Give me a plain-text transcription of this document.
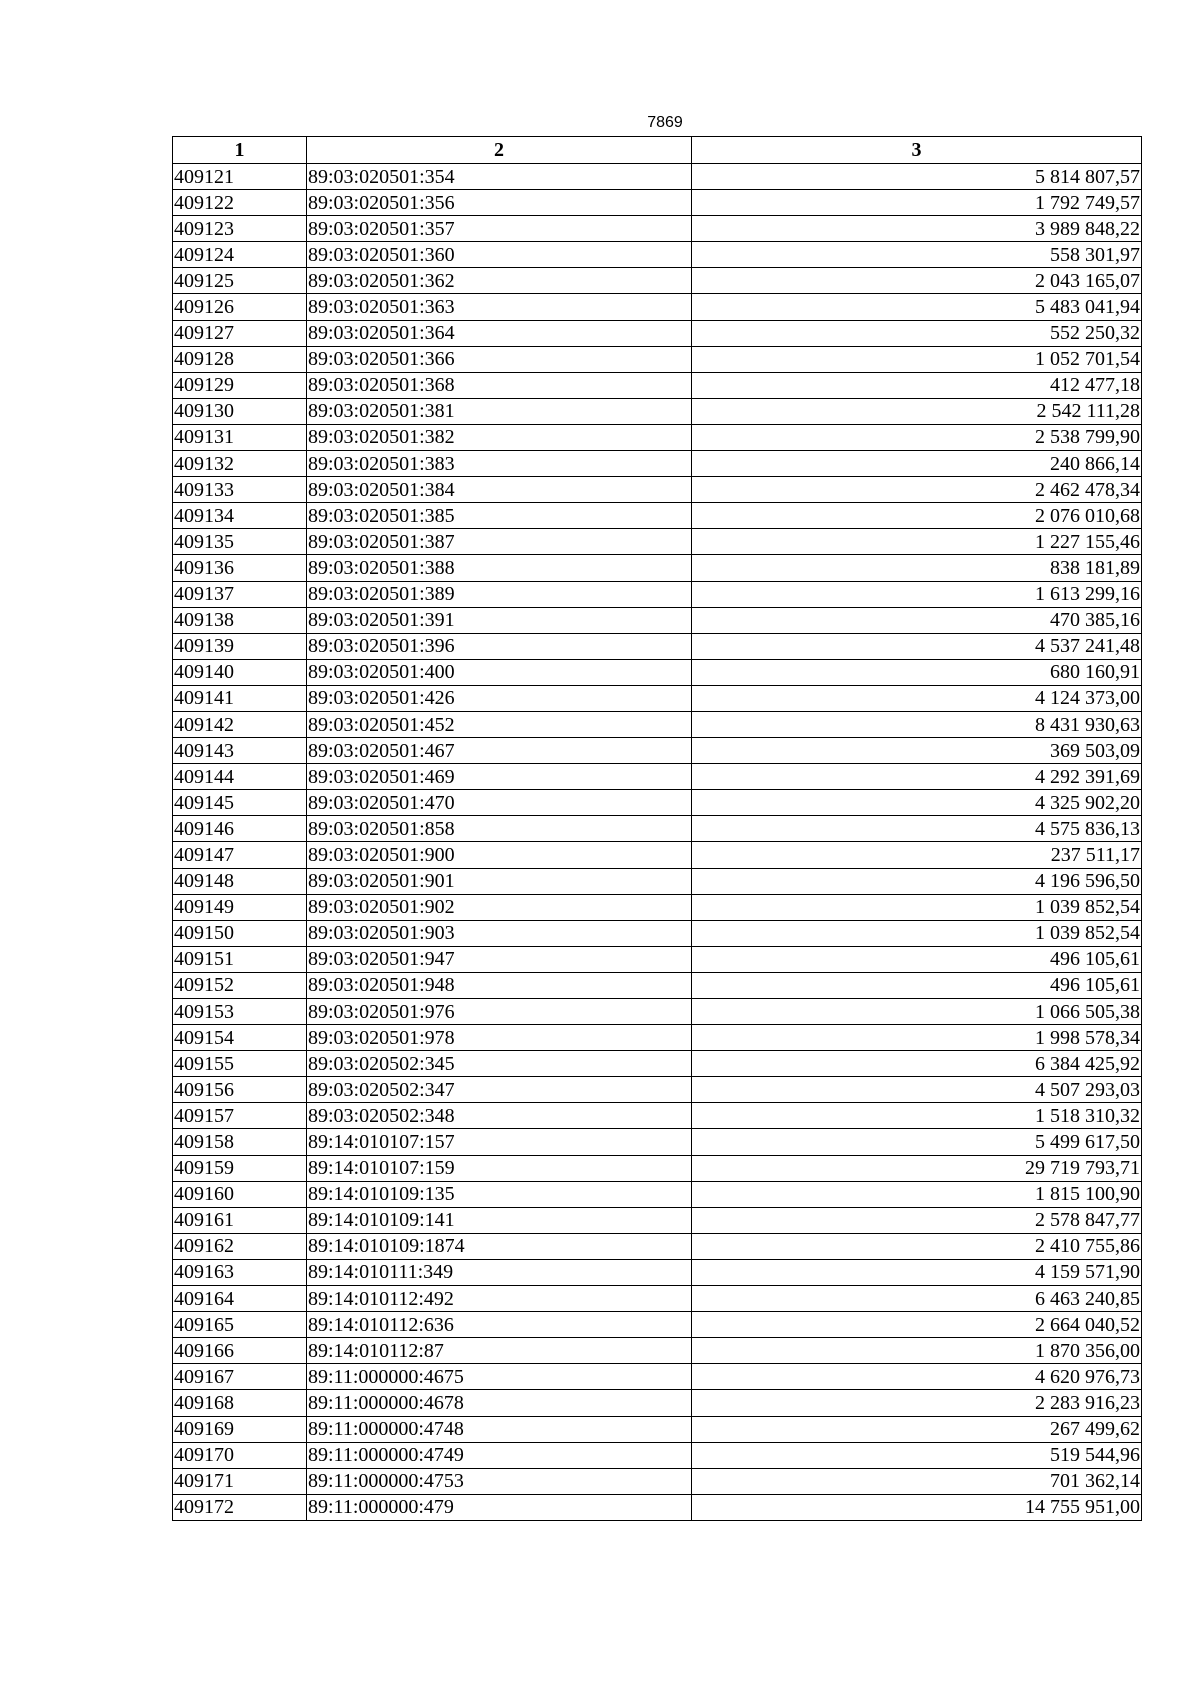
7869
1	2	3
409121	89:03:020501:354	5 814 807,57
409122	89:03:020501:356	1 792 749,57
409123	89:03:020501:357	3 989 848,22
409124	89:03:020501:360	558 301,97
409125	89:03:020501:362	2 043 165,07
409126	89:03:020501:363	5 483 041,94
409127	89:03:020501:364	552 250,32
409128	89:03:020501:366	1 052 701,54
409129	89:03:020501:368	412 477,18
409130	89:03:020501:381	2 542 111,28
409131	89:03:020501:382	2 538 799,90
409132	89:03:020501:383	240 866,14
409133	89:03:020501:384	2 462 478,34
409134	89:03:020501:385	2 076 010,68
409135	89:03:020501:387	1 227 155,46
409136	89:03:020501:388	838 181,89
409137	89:03:020501:389	1 613 299,16
409138	89:03:020501:391	470 385,16
409139	89:03:020501:396	4 537 241,48
409140	89:03:020501:400	680 160,91
409141	89:03:020501:426	4 124 373,00
409142	89:03:020501:452	8 431 930,63
409143	89:03:020501:467	369 503,09
409144	89:03:020501:469	4 292 391,69
409145	89:03:020501:470	4 325 902,20
409146	89:03:020501:858	4 575 836,13
409147	89:03:020501:900	237 511,17
409148	89:03:020501:901	4 196 596,50
409149	89:03:020501:902	1 039 852,54
409150	89:03:020501:903	1 039 852,54
409151	89:03:020501:947	496 105,61
409152	89:03:020501:948	496 105,61
409153	89:03:020501:976	1 066 505,38
409154	89:03:020501:978	1 998 578,34
409155	89:03:020502:345	6 384 425,92
409156	89:03:020502:347	4 507 293,03
409157	89:03:020502:348	1 518 310,32
409158	89:14:010107:157	5 499 617,50
409159	89:14:010107:159	29 719 793,71
409160	89:14:010109:135	1 815 100,90
409161	89:14:010109:141	2 578 847,77
409162	89:14:010109:1874	2 410 755,86
409163	89:14:010111:349	4 159 571,90
409164	89:14:010112:492	6 463 240,85
409165	89:14:010112:636	2 664 040,52
409166	89:14:010112:87	1 870 356,00
409167	89:11:000000:4675	4 620 976,73
409168	89:11:000000:4678	2 283 916,23
409169	89:11:000000:4748	267 499,62
409170	89:11:000000:4749	519 544,96
409171	89:11:000000:4753	701 362,14
409172	89:11:000000:479	14 755 951,00
